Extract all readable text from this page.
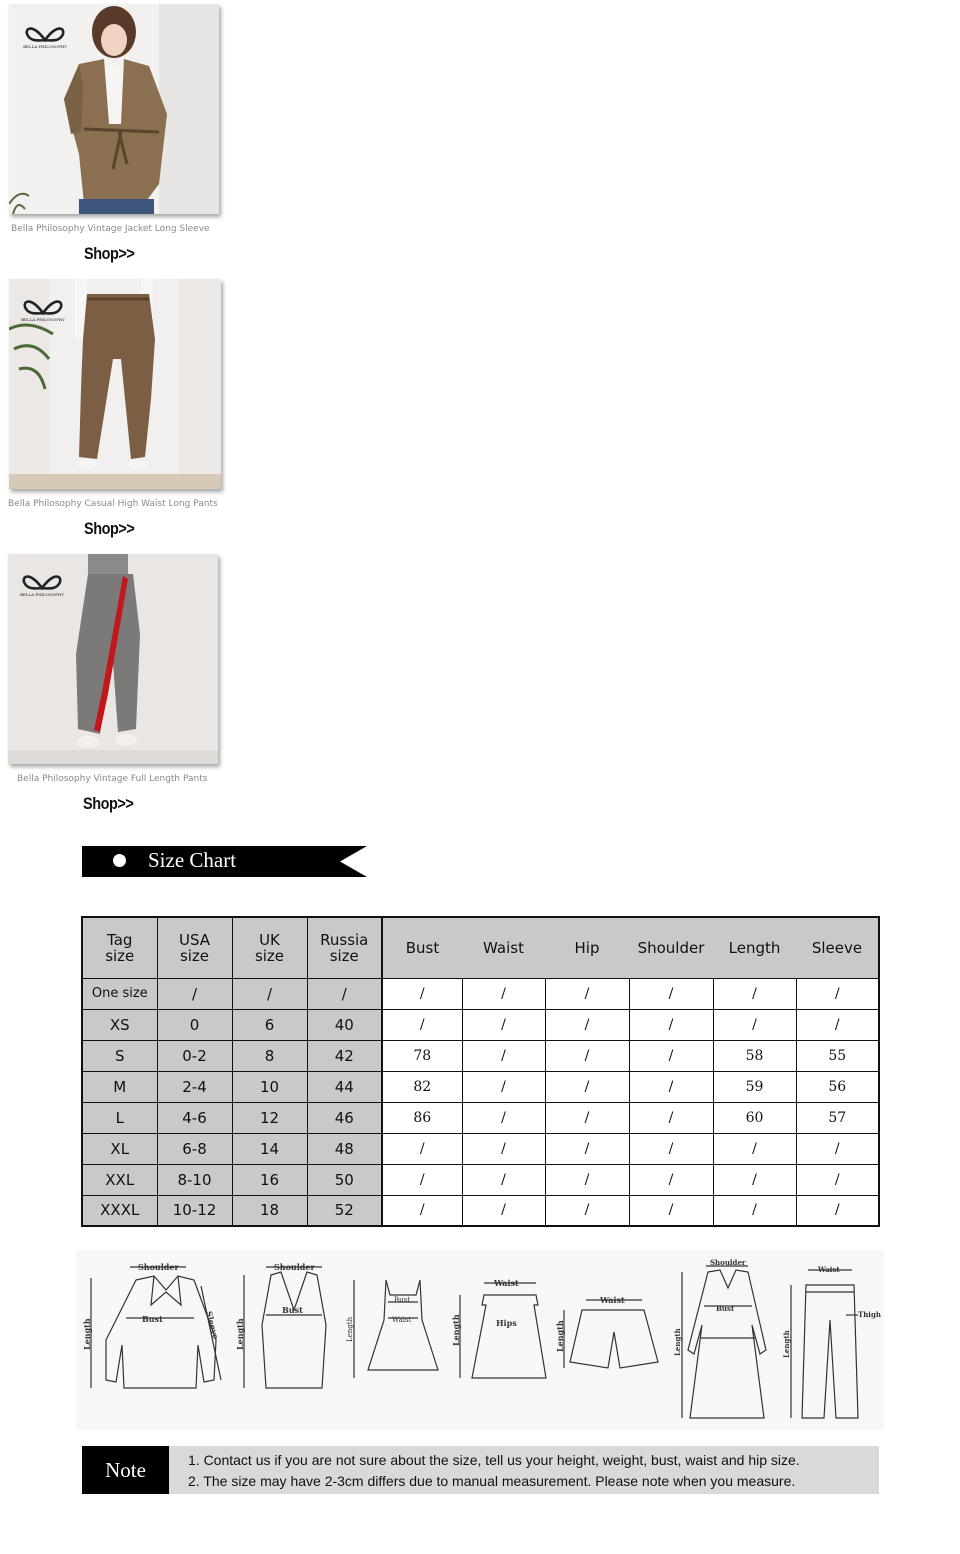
BELLA PHILOSOPHY
Bella Philosophy Vintage Jacket Long Sleeve
Shop>>
BELLA PHILOSOPHY
Bella Philosophy Casual High Waist Long Pants
Shop>>
BELLA PHILOSOPHY
Bella Philosophy Vintage Full Length Pants
Shop>>
Size Chart
Tag size	USA size	UK size	Russia size	Bust	Waist	Hip	Shoulder	Length	Sleeve
One size	/	/	/	/	/	/	/	/	/
XS	0	6	40	/	/	/	/	/	/
S	0-2	8	42	78	/	/	/	58	55
M	2-4	10	44	82	/	/	/	59	56
L	4-6	12	46	86	/	/	/	60	57
XL	6-8	14	48	/	/	/	/	/	/
XXL	8-10	16	50	/	/	/	/	/	/
XXXL	10-12	18	52	/	/	/	/	/	/
Shoulder
Bust
Length	Sleeve
Shoulder
Bust
Length
Bust
Waist
Length
Waist
Hips
Length
Waist
Length
Shoulder
Bust
Length
Waist
Thigh
Length
Note	1. Contact us if you are not sure about the size, tell us your height, weight, bust, waist and hip size.
2. The size may have 2-3cm differs due to manual measurement. Please note when you measure.
